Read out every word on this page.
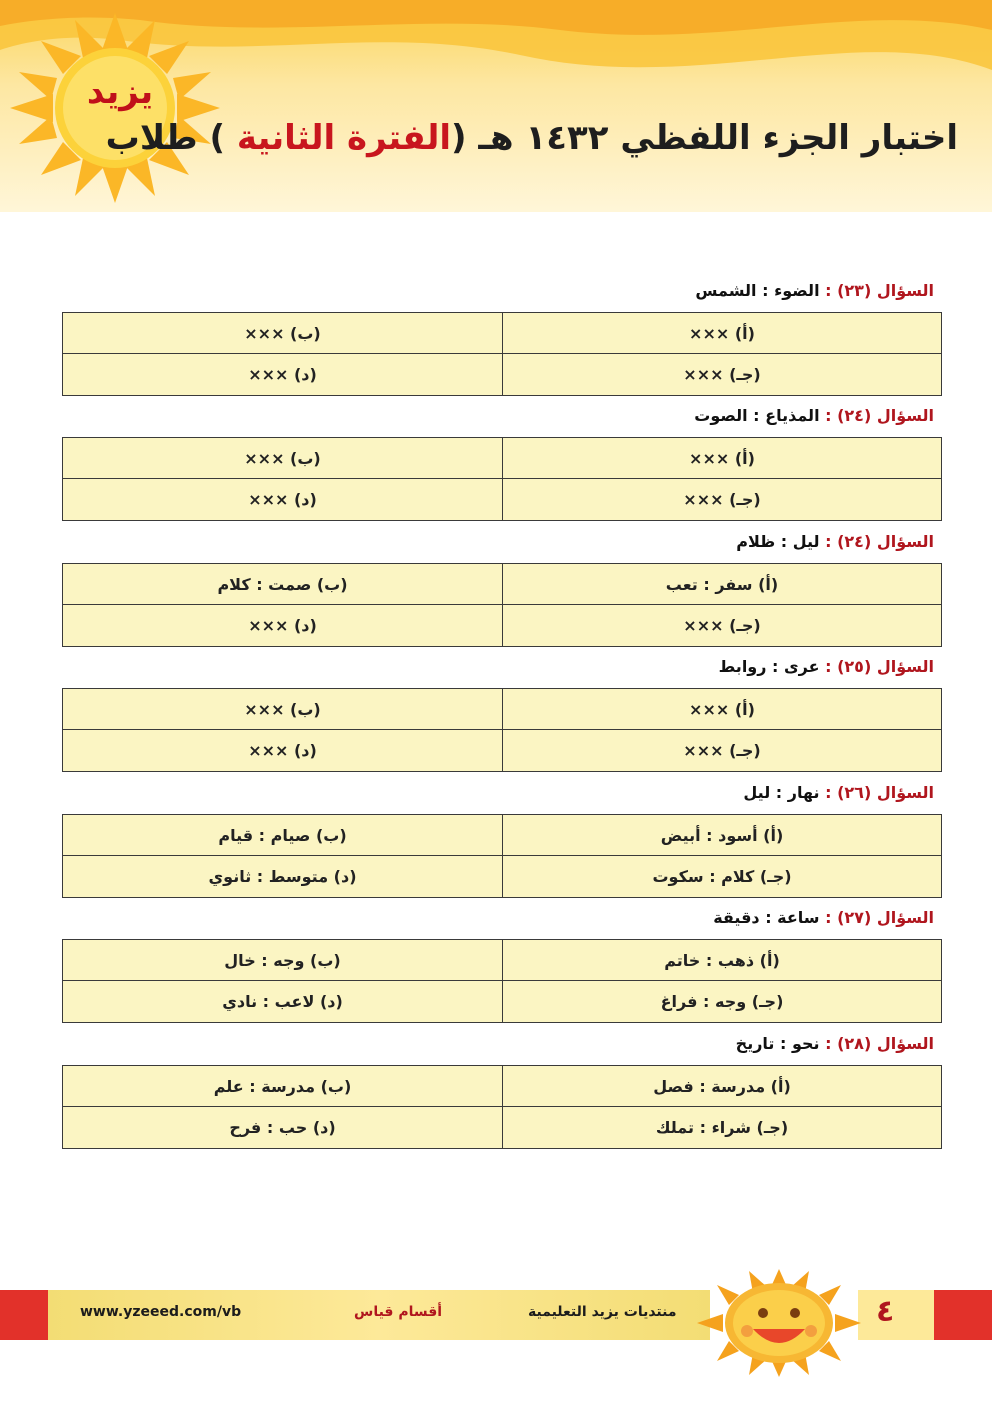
يزيد
اختبار الجزء اللفظي ١٤٣٢ هـ (الفترة الثانية ) طلاب
السؤال (٢٣) : الضوء : الشمس
(ب) ×××	(أ) ×××
(د) ×××	(جـ) ×××
السؤال (٢٤) : المذياع : الصوت
(ب) ×××	(أ) ×××
(د) ×××	(جـ) ×××
السؤال (٢٤) : ليل : ظلام
(ب) صمت : كلام	(أ) سفر : تعب
(د) ×××	(جـ) ×××
السؤال (٢٥) : عرى : روابط
(ب) ×××	(أ) ×××
(د) ×××	(جـ) ×××
السؤال (٢٦) : نهار : ليل
(ب) صيام : قيام	(أ) أسود : أبيض
(د) متوسط : ثانوي	(جـ) كلام : سكوت
السؤال (٢٧) : ساعة : دقيقة
(ب) وجه : خال	(أ) ذهب : خاتم
(د) لاعب : نادي	(جـ) وجه : فراغ
السؤال (٢٨) : نحو : تاريخ
(ب) مدرسة : علم	(أ) مدرسة : فصل
(د) حب : فرح	(جـ) شراء : تملك
www.yzeeed.com/vb	أقسام قياس	منتديات يزيد التعليمية	٤
